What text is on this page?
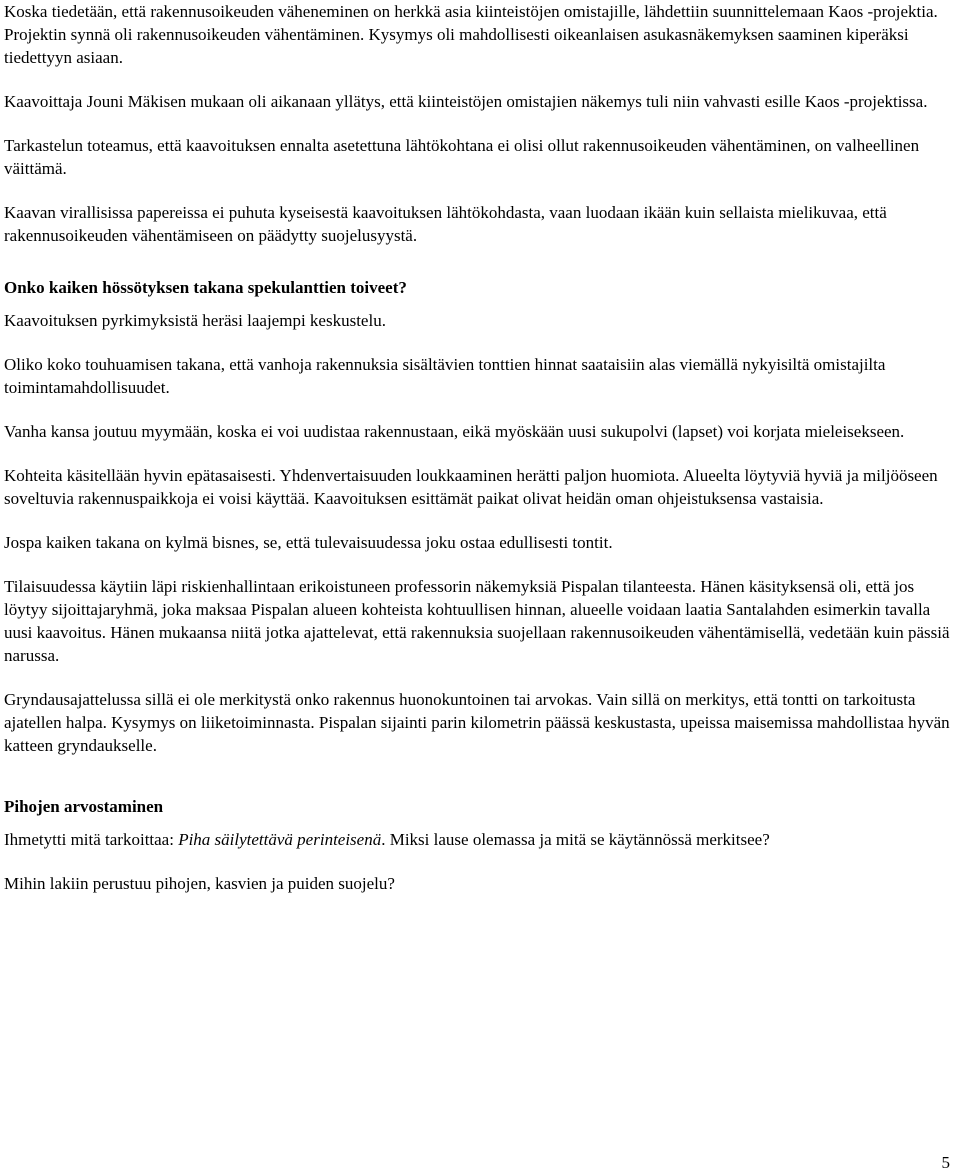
Koska tiedetään, että rakennusoikeuden väheneminen on herkkä asia kiinteistöjen omistajille, lähdettiin suunnittelemaan Kaos -projektia. Projektin synnä oli rakennusoikeuden vähentäminen. Kysymys oli mahdollisesti oikeanlaisen asukasnäkemyksen saaminen kiperäksi tiedettyyn asiaan.

Kaavoittaja Jouni Mäkisen mukaan oli aikanaan yllätys, että kiinteistöjen omistajien näkemys tuli niin vahvasti esille Kaos -projektissa.

Tarkastelun toteamus, että kaavoituksen ennalta asetettuna lähtökohtana ei olisi ollut rakennusoikeuden vähentäminen, on valheellinen väittämä.

Kaavan virallisissa papereissa ei puhuta kyseisestä kaavoituksen lähtökohdasta, vaan luodaan ikään kuin sellaista mielikuvaa, että rakennusoikeuden vähentämiseen on päädytty suojelusyystä.

Onko kaiken hössötyksen takana spekulanttien toiveet?

Kaavoituksen pyrkimyksistä heräsi laajempi keskustelu.

Oliko koko touhuamisen takana, että vanhoja rakennuksia sisältävien tonttien hinnat saataisiin alas viemällä nykyisiltä omistajilta toimintamahdollisuudet.

Vanha kansa joutuu myymään, koska ei voi uudistaa rakennustaan, eikä myöskään uusi sukupolvi (lapset) voi korjata mieleisekseen.

Kohteita käsitellään hyvin epätasaisesti. Yhdenvertaisuuden loukkaaminen herätti paljon huomiota. Alueelta löytyviä hyviä ja miljööseen soveltuvia rakennuspaikkoja ei voisi käyttää. Kaavoituksen esittämät paikat olivat heidän oman ohjeistuksensa vastaisia.

Jospa kaiken takana on kylmä bisnes, se, että tulevaisuudessa joku ostaa edullisesti tontit.

Tilaisuudessa käytiin läpi riskienhallintaan erikoistuneen professorin näkemyksiä Pispalan tilanteesta. Hänen käsityksensä oli, että jos löytyy sijoittajaryhmä, joka maksaa Pispalan alueen kohteista kohtuullisen hinnan, alueelle voidaan laatia Santalahden esimerkin tavalla uusi kaavoitus. Hänen mukaansa niitä jotka ajattelevat, että rakennuksia suojellaan rakennusoikeuden vähentämisellä, vedetään kuin pässiä narussa.

Gryndausajattelussa sillä ei ole merkitystä onko rakennus huonokuntoinen tai arvokas. Vain sillä on merkitys, että tontti on tarkoitusta ajatellen halpa. Kysymys on liiketoiminnasta. Pispalan sijainti parin kilometrin päässä keskustasta, upeissa maisemissa mahdollistaa hyvän katteen gryndaukselle.

Pihojen arvostaminen

Ihmetytti mitä tarkoittaa: Piha säilytettävä perinteisenä. Miksi lause olemassa ja mitä se käytännössä merkitsee?

Mihin lakiin perustuu pihojen, kasvien ja puiden suojelu?

5
